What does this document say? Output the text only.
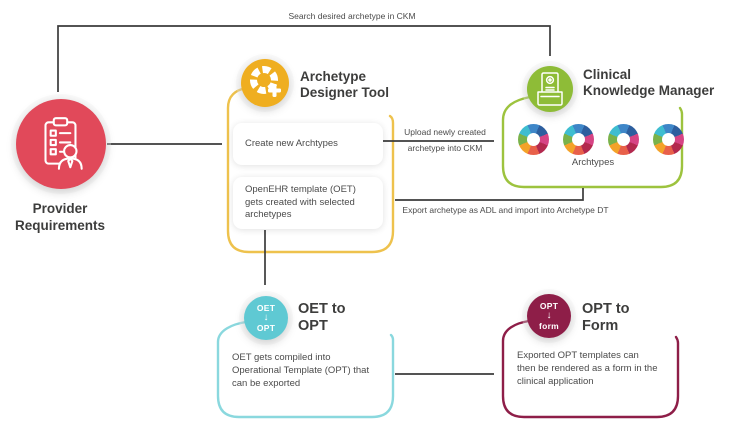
Search desired archetype in CKM
Upload newly created
archetype into CKM
Export archetype as ADL and import into Archetype DT
Provider
Requirements
Archetype
Designer Tool
Create new Archtypes
OpenEHR template (OET)
gets created with selected
archetypes
Clinical
Knowledge Manager
Archtypes
OET
↓
OPT
OET to
OPT
OET gets compiled into
Operational Template (OPT) that
can be exported
OPT
↓
form
OPT to
Form
Exported OPT templates can
then be rendered as a form in the
clinical application
